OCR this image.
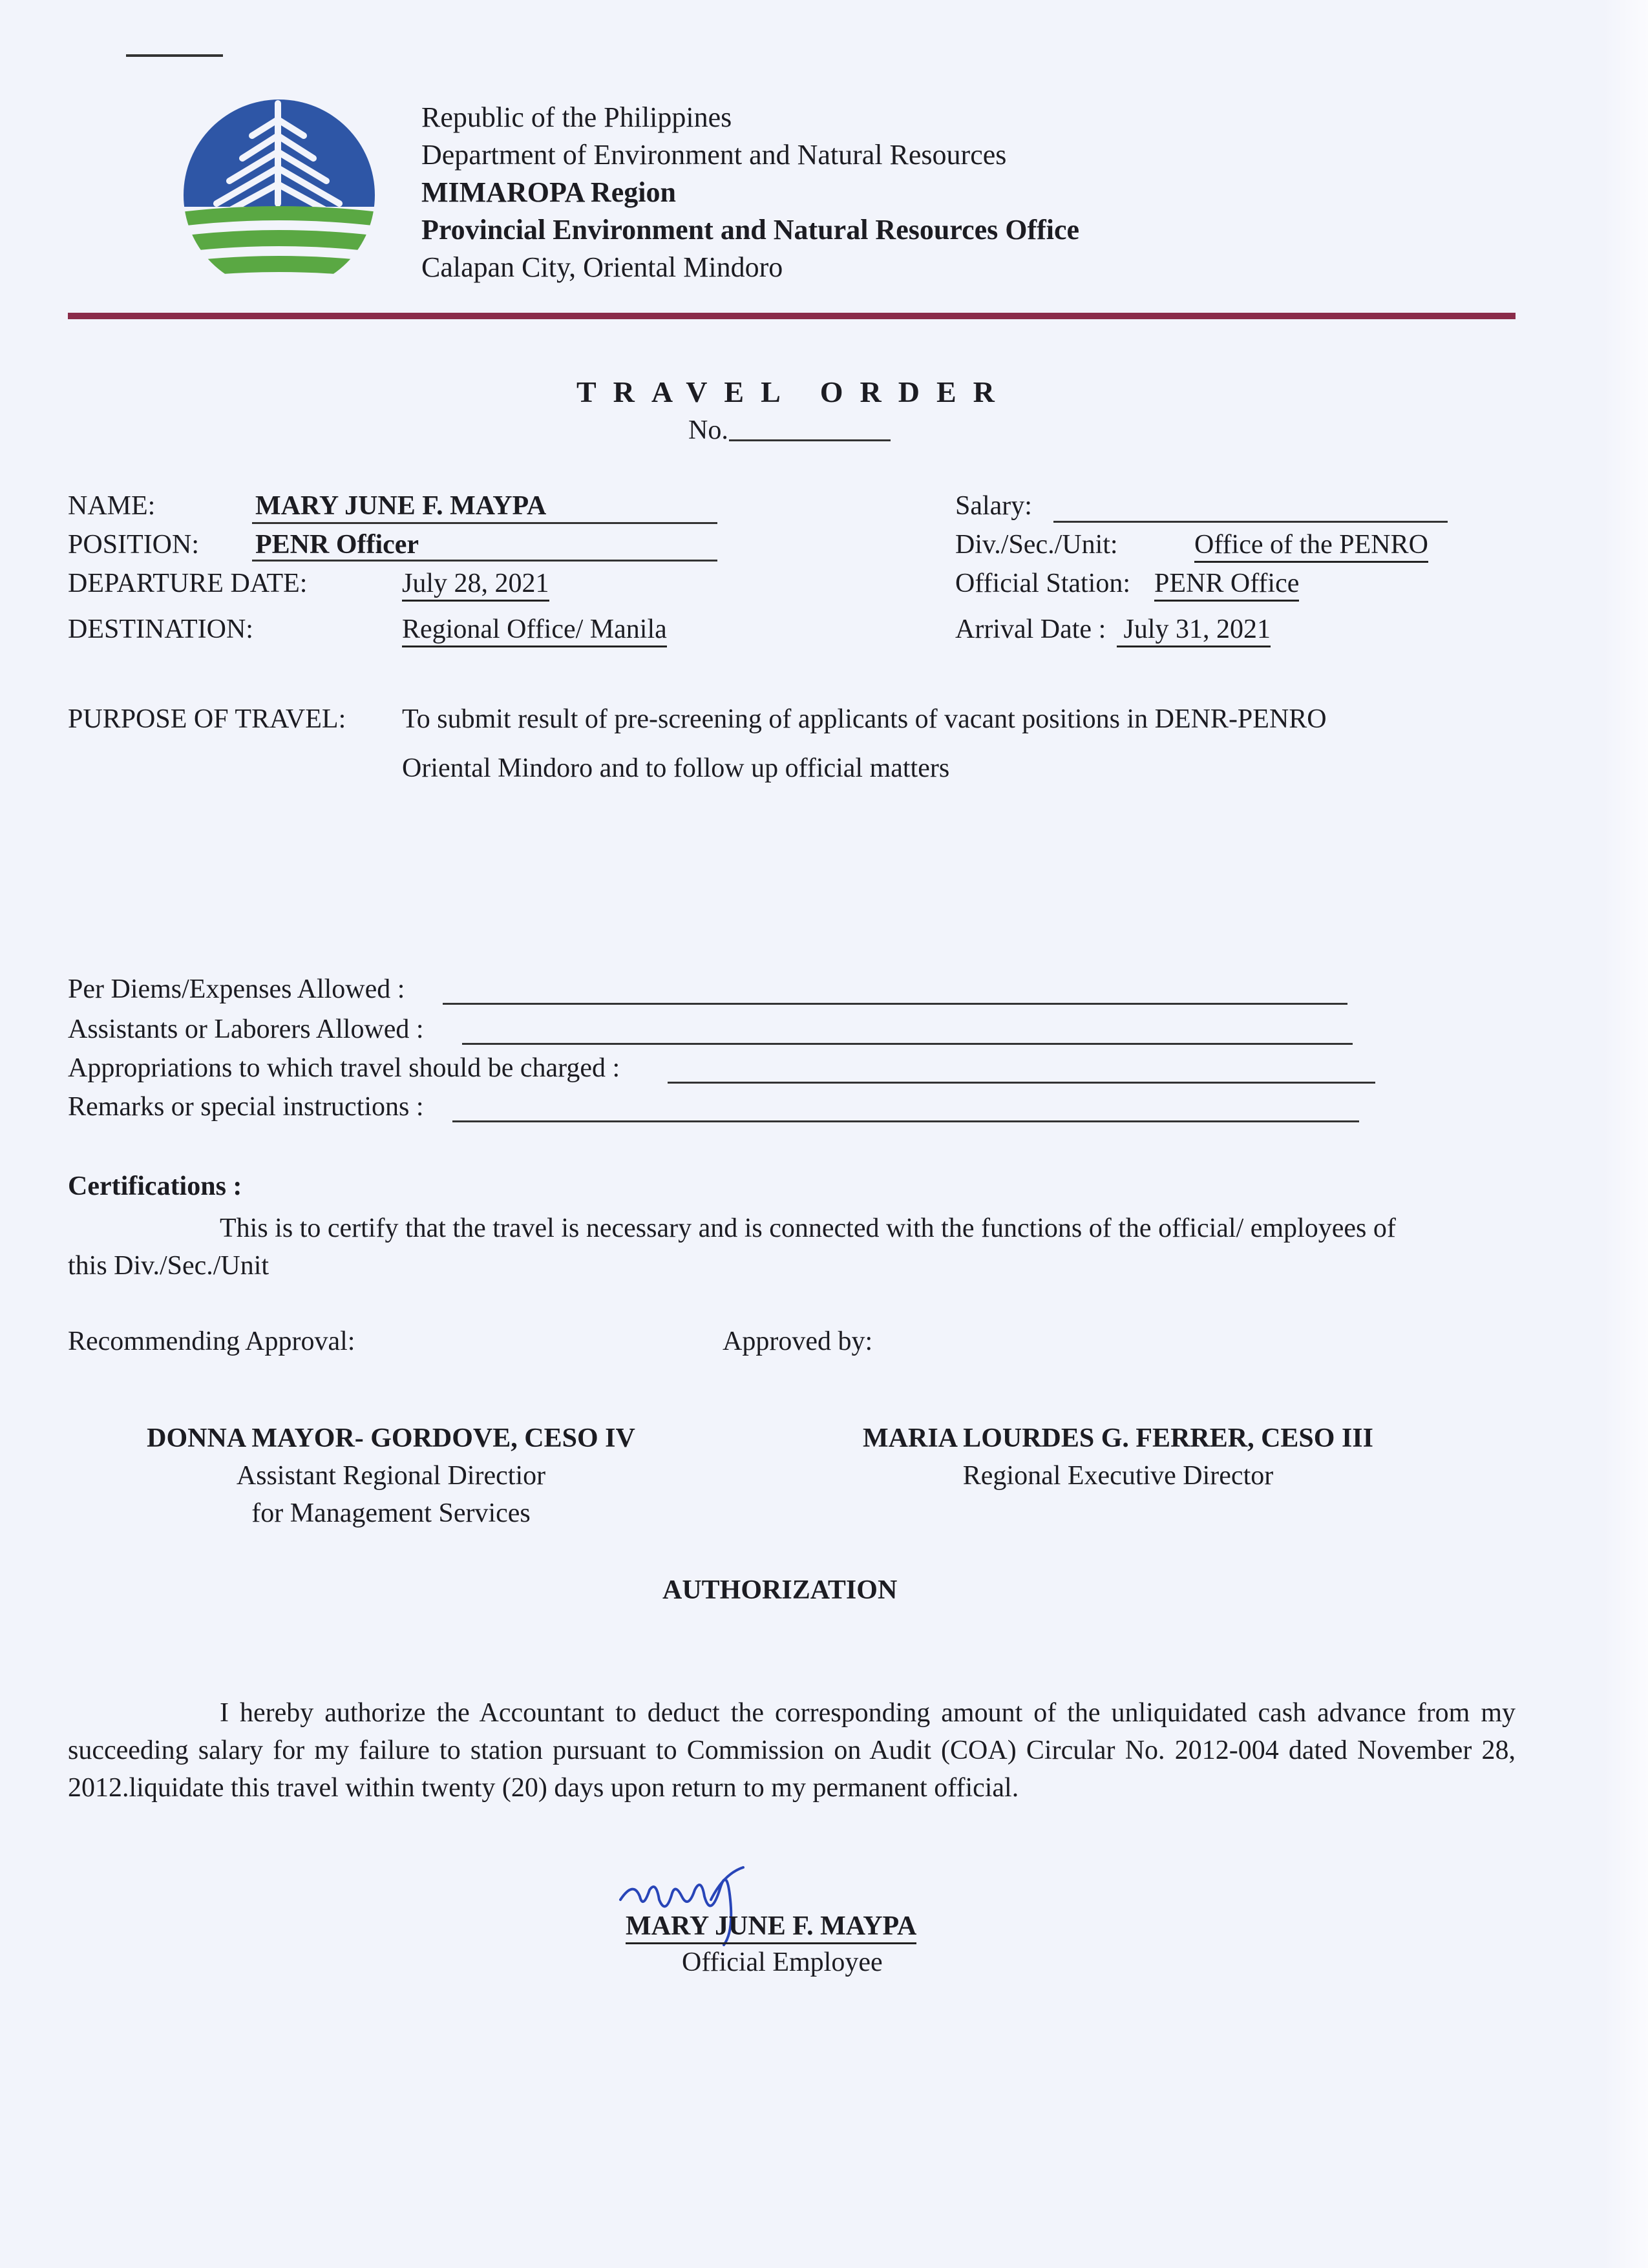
Republic of the Philippines
Department of Environment and Natural Resources
MIMAROPA Region
Provincial Environment and Natural Resources Office
Calapan City, Oriental Mindoro
TRAVEL ORDER
No.
NAME:	MARY JUNE F. MAYPA
POSITION: PENR Officer
DEPARTURE DATE:	July 28, 2021
DESTINATION:	Regional Office/ Manila
Salary:
Div./Sec./Unit:	Office of the PENRO
Official Station: PENR Office
Arrival Date : July 31, 2021
PURPOSE OF TRAVEL: To submit result of pre-screening of applicants of vacant positions in DENR-PENRO
Oriental Mindoro and to follow up official matters
Per Diems/Expenses Allowed :
Assistants or Laborers Allowed :
Appropriations to which travel should be charged :
Remarks or special instructions :
Certifications :
This is to certify that the travel is necessary and is connected with the functions of the official/ employees of
this Div./Sec./Unit
Recommending Approval:	Approved by:
DONNA MAYOR- GORDOVE, CESO IV
Assistant Regional Directior
for Management Services
MARIA LOURDES G. FERRER, CESO III
Regional Executive Director
AUTHORIZATION
I hereby authorize the Accountant to deduct the corresponding amount of the unliquidated cash advance from my succeeding salary for my failure to station pursuant to Commission on Audit (COA) Circular No. 2012-004 dated November 28, 2012.liquidate this travel within twenty (20) days upon return to my permanent official.
MARY JUNE F. MAYPA
Official Employee
